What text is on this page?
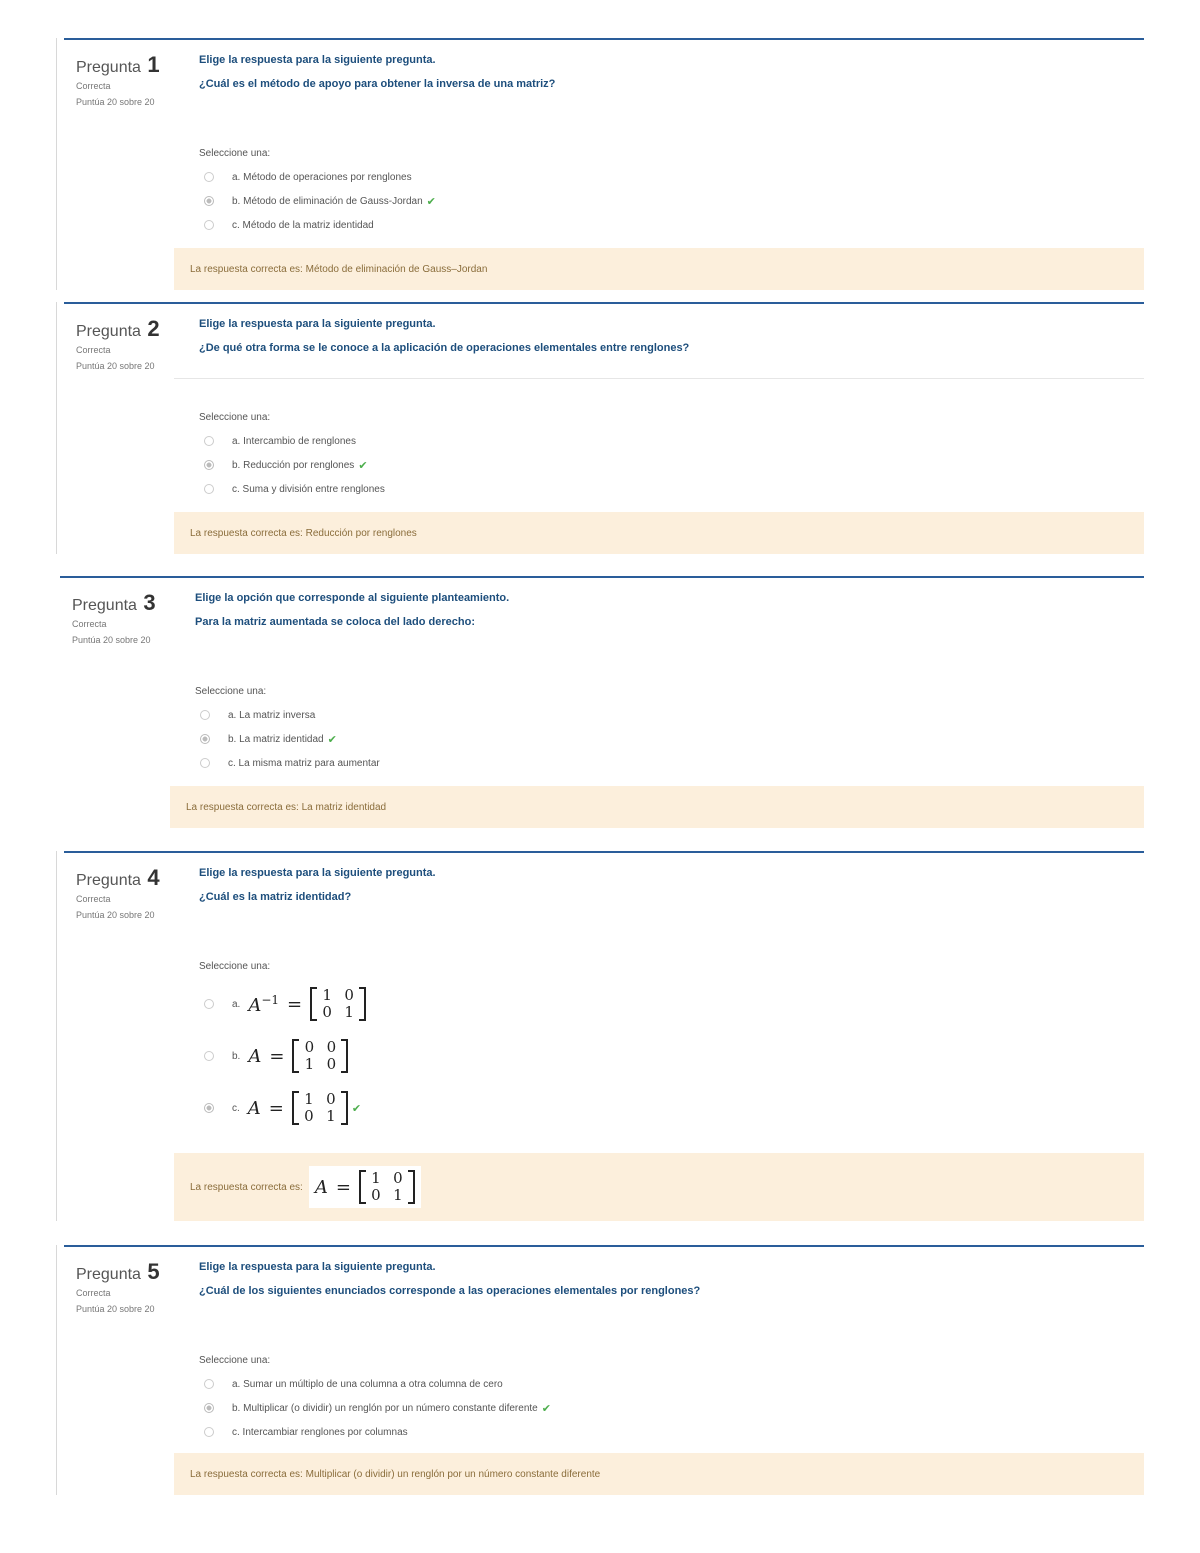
Pregunta 1
Correcta
Puntúa 20 sobre 20
Elige la respuesta para la siguiente pregunta.
¿Cuál es el método de apoyo para obtener la inversa de una matriz?
Seleccione una:
a. Método de operaciones por renglones
b. Método de eliminación de Gauss-Jordan ✔
c. Método de la matriz identidad
La respuesta correcta es: Método de eliminación de Gauss–Jordan
Pregunta 2
Correcta
Puntúa 20 sobre 20
Elige la respuesta para la siguiente pregunta.
¿De qué otra forma se le conoce a la aplicación de operaciones elementales entre renglones?
Seleccione una:
a. Intercambio de renglones
b. Reducción por renglones ✔
c. Suma y división entre renglones
La respuesta correcta es: Reducción por renglones
Pregunta 3
Correcta
Puntúa 20 sobre 20
Elige la opción que corresponde al siguiente planteamiento.
Para la matriz aumentada se coloca del lado derecho:
Seleccione una:
a. La matriz inversa
b. La matriz identidad ✔
c. La misma matriz para aumentar
La respuesta correcta es: La matriz identidad
Pregunta 4
Correcta
Puntúa 20 sobre 20
Elige la respuesta para la siguiente pregunta.
¿Cuál es la matriz identidad?
Seleccione una:
a. $A^{-1}$ =	1 0
0 1
b. A =	0 0
1 0
c. A =	1 0
0 1	✔
La respuesta correcta es: A =	1 0
0 1
Pregunta 5
Correcta
Puntúa 20 sobre 20
Elige la respuesta para la siguiente pregunta.
¿Cuál de los siguientes enunciados corresponde a las operaciones elementales por renglones?
Seleccione una:
a. Sumar un múltiplo de una columna a otra columna de cero
b. Multiplicar (o dividir) un renglón por un número constante diferente ✔
c. Intercambiar renglones por columnas
La respuesta correcta es: Multiplicar (o dividir) un renglón por un número constante diferente
